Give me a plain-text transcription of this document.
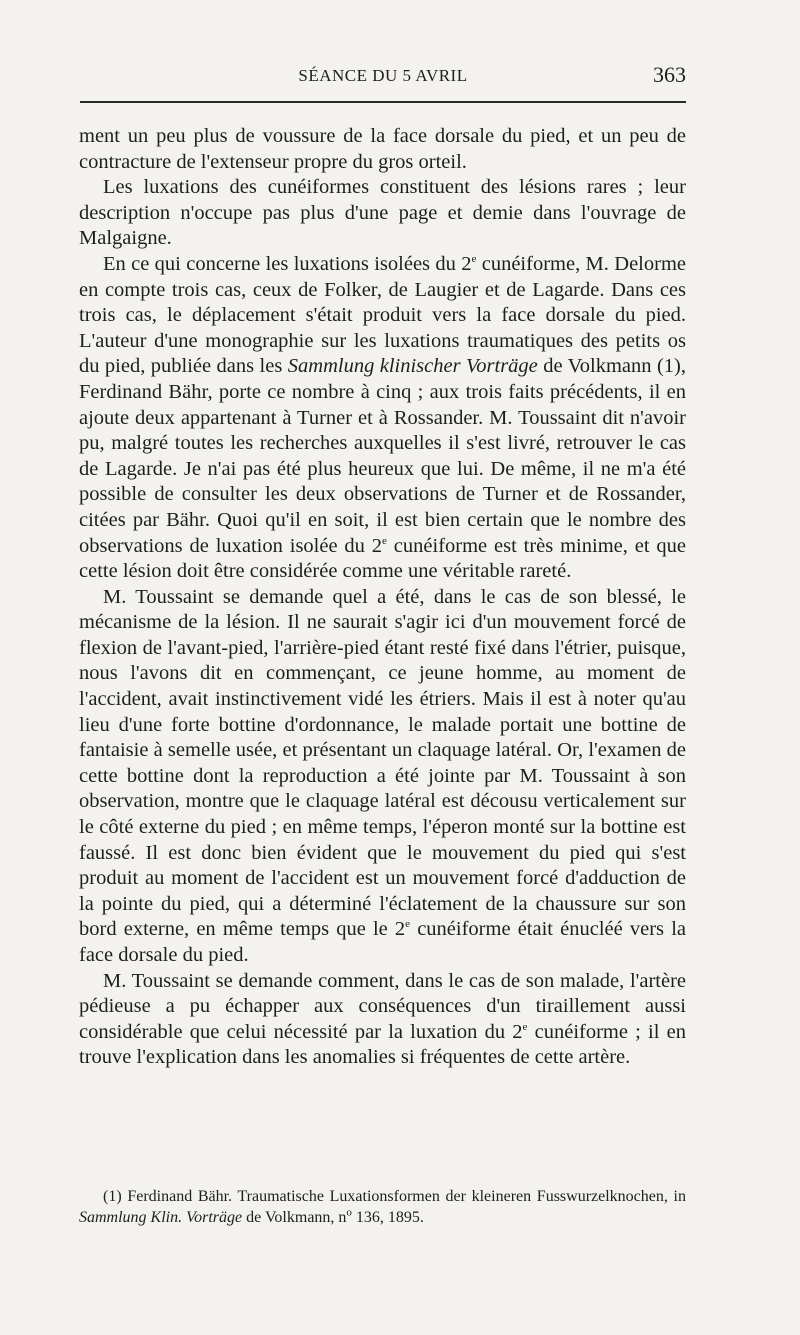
SÉANCE DU 5 AVRIL	363

ment un peu plus de voussure de la face dorsale du pied, et un peu de contracture de l'extenseur propre du gros orteil.

Les luxations des cunéiformes constituent des lésions rares ; leur description n'occupe pas plus d'une page et demie dans l'ouvrage de Malgaigne.

En ce qui concerne les luxations isolées du 2e cunéiforme, M. Delorme en compte trois cas, ceux de Folker, de Laugier et de Lagarde. Dans ces trois cas, le déplacement s'était produit vers la face dorsale du pied. L'auteur d'une monographie sur les luxations traumatiques des petits os du pied, publiée dans les Sammlung klinischer Vorträge de Volkmann (1), Ferdinand Bähr, porte ce nombre à cinq ; aux trois faits précédents, il en ajoute deux appartenant à Turner et à Rossander. M. Toussaint dit n'avoir pu, malgré toutes les recherches auxquelles il s'est livré, retrouver le cas de Lagarde. Je n'ai pas été plus heureux que lui. De même, il ne m'a été possible de consulter les deux observations de Turner et de Rossander, citées par Bähr. Quoi qu'il en soit, il est bien certain que le nombre des observations de luxation isolée du 2e cunéiforme est très minime, et que cette lésion doit être considérée comme une véritable rareté.

M. Toussaint se demande quel a été, dans le cas de son blessé, le mécanisme de la lésion. Il ne saurait s'agir ici d'un mouvement forcé de flexion de l'avant-pied, l'arrière-pied étant resté fixé dans l'étrier, puisque, nous l'avons dit en commençant, ce jeune homme, au moment de l'accident, avait instinctivement vidé les étriers. Mais il est à noter qu'au lieu d'une forte bottine d'ordonnance, le malade portait une bottine de fantaisie à semelle usée, et présentant un claquage latéral. Or, l'examen de cette bottine dont la reproduction a été jointe par M. Toussaint à son observation, montre que le claquage latéral est décousu verticalement sur le côté externe du pied ; en même temps, l'éperon monté sur la bottine est faussé. Il est donc bien évident que le mouvement du pied qui s'est produit au moment de l'accident est un mouvement forcé d'adduction de la pointe du pied, qui a déterminé l'éclatement de la chaussure sur son bord externe, en même temps que le 2e cunéiforme était énucléé vers la face dorsale du pied.

M. Toussaint se demande comment, dans le cas de son malade, l'artère pédieuse a pu échapper aux conséquences d'un tiraillement aussi considérable que celui nécessité par la luxation du 2e cunéiforme ; il en trouve l'explication dans les anomalies si fréquentes de cette artère.

(1) Ferdinand Bähr. Traumatische Luxationsformen der kleineren Fusswurzelknochen, in Sammlung Klin. Vorträge de Volkmann, $n^o$ 136, 1895.
